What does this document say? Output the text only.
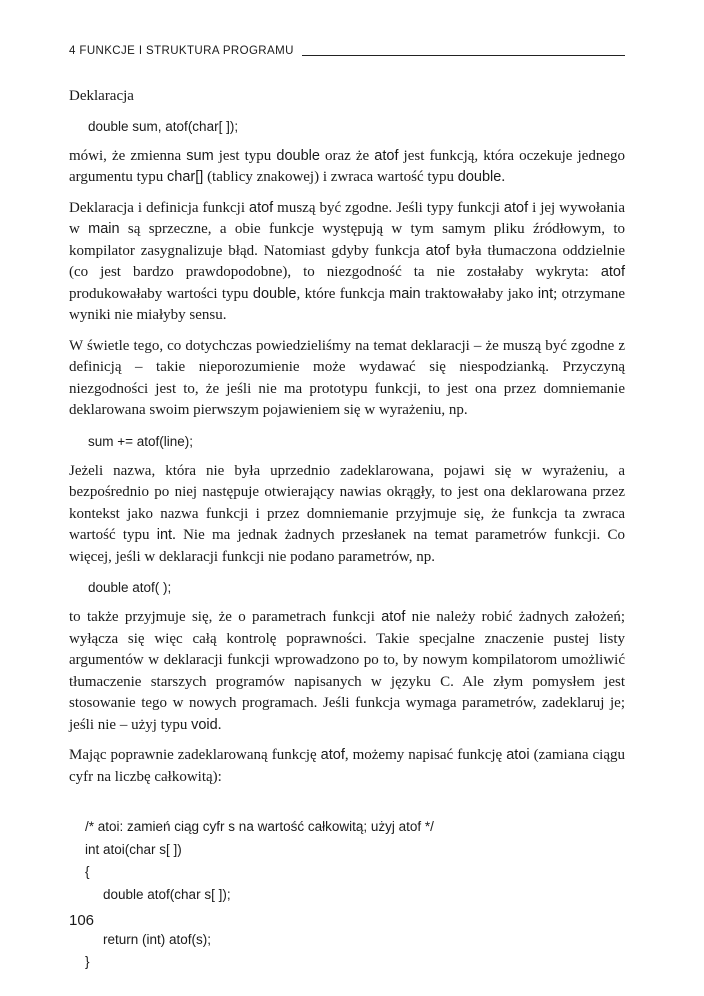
4 FUNKCJE I STRUKTURA PROGRAMU

Deklaracja

double sum, atof(char[ ]);

mówi, że zmienna sum jest typu double oraz że atof jest funkcją, która oczekuje jednego argumentu typu char[] (tablicy znakowej) i zwraca wartość typu double.

Deklaracja i definicja funkcji atof muszą być zgodne. Jeśli typy funkcji atof i jej wywołania w main są sprzeczne, a obie funkcje występują w tym samym pliku źródłowym, to kompilator zasygnalizuje błąd. Natomiast gdyby funkcja atof była tłumaczona oddzielnie (co jest bardzo prawdopodobne), to niezgodność ta nie zostałaby wykryta: atof produkowałaby wartości typu double, które funkcja main traktowałaby jako int; otrzymane wyniki nie miałyby sensu.

W świetle tego, co dotychczas powiedzieliśmy na temat deklaracji – że muszą być zgodne z definicją – takie nieporozumienie może wydawać się niespodzianką. Przyczyną niezgodności jest to, że jeśli nie ma prototypu funkcji, to jest ona przez domniemanie deklarowana swoim pierwszym pojawieniem się w wyrażeniu, np.

sum += atof(line);

Jeżeli nazwa, która nie była uprzednio zadeklarowana, pojawi się w wyrażeniu, a bezpośrednio po niej następuje otwierający nawias okrągły, to jest ona deklarowana przez kontekst jako nazwa funkcji i przez domniemanie przyjmuje się, że funkcja ta zwraca wartość typu int. Nie ma jednak żadnych przesłanek na temat parametrów funkcji. Co więcej, jeśli w deklaracji funkcji nie podano parametrów, np.

double atof( );

to także przyjmuje się, że o parametrach funkcji atof nie należy robić żadnych założeń; wyłącza się więc całą kontrolę poprawności. Takie specjalne znaczenie pustej listy argumentów w deklaracji funkcji wprowadzono po to, by nowym kompilatorom umożliwić tłumaczenie starszych programów napisanych w języku C. Ale złym pomysłem jest stosowanie tego w nowych programach. Jeśli funkcja wymaga parametrów, zadeklaruj je; jeśli nie – użyj typu void.

Mając poprawnie zadeklarowaną funkcję atof, możemy napisać funkcję atoi (zamiana ciągu cyfr na liczbę całkowitą):

/* atoi: zamień ciąg cyfr s na wartość całkowitą; użyj atof */
int atoi(char s[ ])
{
double atof(char s[ ]);
return (int) atof(s);
}
106
